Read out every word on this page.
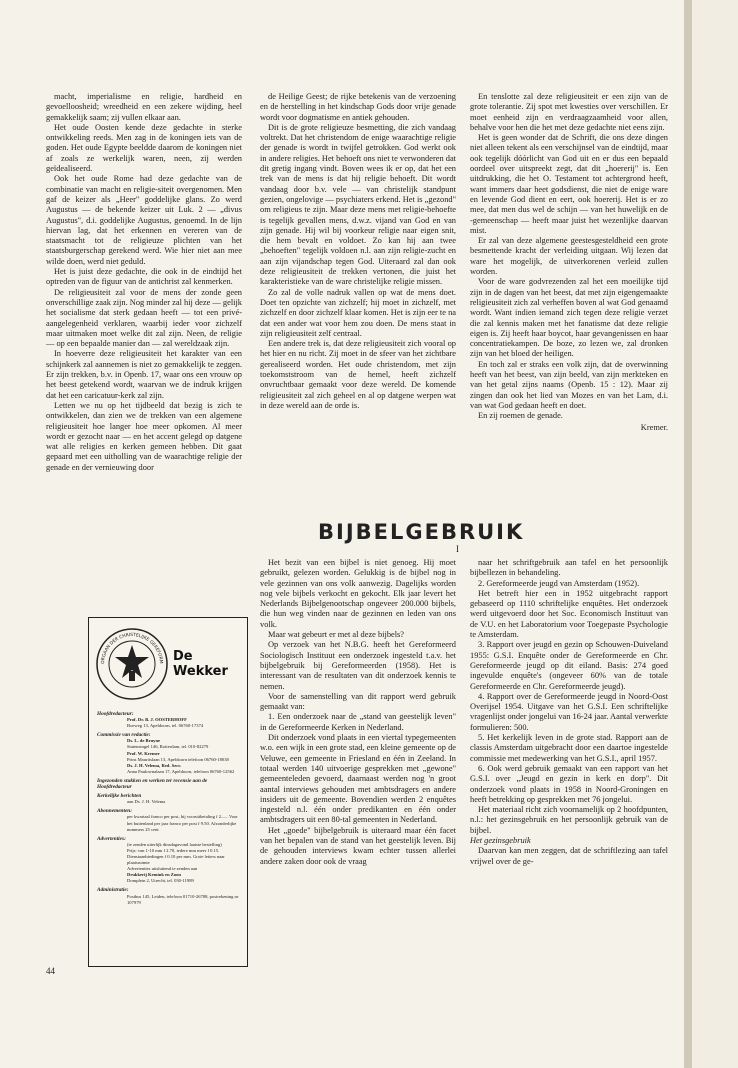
macht, imperialisme en religie, hardheid en gevoelloosheid; wreedheid en een zekere wijding, heel gemakkelijk saam; zij vullen elkaar aan.

Het oude Oosten kende deze gedachte in sterke ontwikkeling reeds. Men zag in de koningen iets van de goden. Het oude Egypte beeldde daarom de koningen niet af zoals ze werkelijk waren, neen, zij werden geïdealiseerd.

Ook het oude Rome had deze gedachte van de combinatie van macht en religie-siteit overgenomen. Men gaf de keizer als „Heer" goddelijke glans. Zo werd Augustus — de bekende keizer uit Luk. 2 — „divus Augustus", d.i. goddelijke Augustus, genoemd. In de lijn hiervan lag, dat het erkennen en vereren van de staatsmacht tot de religieuze plichten van het staatsburgerschap gerekend werd. Wie hier niet aan mee wilde doen, werd niet geduld.

Het is juist deze gedachte, die ook in de eindtijd het optreden van de figuur van de antichrist zal kenmerken.

De religieusiteit zal voor de mens der zonde geen onverschillige zaak zijn. Nog minder zal hij deze — gelijk het socialisme dat sterk gedaan heeft — tot een privé-aangelegenheid verklaren, waarbij ieder voor zichzelf maar uitmaken moet welke dit zal zijn. Neen, de religie — op een bepaalde manier dan — zal wereldzaak zijn.

In hoeverre deze religieusiteit het karakter van een schijnkerk zal aannemen is niet zo gemakkelijk te zeggen. Er zijn trekken, b.v. in Openb. 17, waar ons een vrouw op het beest getekend wordt, waarvan we de indruk krijgen dat het een caricatuur-kerk zal zijn.

Letten we nu op het tijdbeeld dat bezig is zich te ontwikkelen, dan zien we de trekken van een algemene religieusiteit hoe langer hoe meer opkomen. Al meer wordt er gezocht naar — en het accent gelegd op datgene wat alle religies en kerken gemeen hebben. Dit gaat gepaard met een uitholling van de waarachtige religie der genade en der vernieuwing door

de Heilige Geest; de rijke betekenis van de verzoening en de herstelling in het kindschap Gods door vrije genade wordt voor dogmatisme en antiek gehouden.

Dit is de grote religieuze besmetting, die zich vandaag voltrekt. Dat het christendom de enige waarachtige religie der genade is wordt in twijfel getrokken. God werkt ook in andere religies. Het behoeft ons niet te verwonderen dat dit gretig ingang vindt. Boven wees ik er op, dat het een trek van de mens is dat hij religie behoeft. Dit wordt vandaag door b.v. vele — van christelijk standpunt gezien, ongelovige — psychiaters erkend. Het is „gezond" om religieus te zijn. Maar deze mens met religie-behoefte is tegelijk gevallen mens, d.w.z. vijand van God en van zijn genade. Hij wil bij voorkeur religie naar eigen snit, die hem bevalt en voldoet. Zo kan hij aan twee „behoeften" tegelijk voldoen n.l. aan zijn religie-zucht en aan zijn vijandschap tegen God. Uiteraard zal dan ook deze religieusiteit de trekken vertonen, die juist het karakteristieke van de ware christelijke religie missen.

Zo zal de volle nadruk vallen op wat de mens doet. Doet ten opzichte van zichzelf; hij moet in zichzelf, met zichzelf en door zichzelf klaar komen. Het is zijn eer te na dat een ander wat voor hem zou doen. De mens staat in zijn religieusiteit zelf centraal.

Een andere trek is, dat deze religieusiteit zich vooral op het hier en nu richt. Zij moet in de sfeer van het zichtbare gerealiseerd worden. Het oude christendom, met zijn toekomststroom van de hemel, heeft zichzelf onvruchtbaar gemaakt voor deze wereld. De komende religieusiteit zal zich geheel en al op datgene werpen wat in deze wereld aan de orde is.

En tenslotte zal deze religieusiteit er een zijn van de grote tolerantie. Zij spot met kwesties over verschillen. Er moet eenheid zijn en verdraagzaamheid voor allen, behalve voor hen die het met deze gedachte niet eens zijn.

Het is geen wonder dat de Schrift, die ons deze dingen niet alleen tekent als een verschijnsel van de eindtijd, maar ook tegelijk dóórlicht van God uit en er dus een bepaald oordeel over uitspreekt zegt, dat dit „hoererij" is. Een uitdrukking, die het O. Testament tot achtergrond heeft, want immers daar heet godsdienst, die niet de enige ware en levende God dient en eert, ook hoererij. Het is er zo mee, dat men dus wel de schijn — van het huwelijk en de -gemeenschap — heeft maar juist het wezenlijke daarvan mist.

Er zal van deze algemene geestesgesteldheid een grote besmettende kracht der verleiding uitgaan. Wij lezen dat ware het mogelijk, de uitverkorenen verleid zullen worden.

Voor de ware godvrezenden zal het een moeilijke tijd zijn in de dagen van het beest, dat met zijn eigengemaakte religieusiteit zich zal verheffen boven al wat God genaamd wordt. Want indien iemand zich tegen deze religie verzet die zal kennis maken met het fanatisme dat deze religie eigen is. Zij heeft haar boycot, haar gevangenissen en haar concentratiekampen. De boze, zo lezen we, zal dronken zijn van het bloed der heiligen.

En toch zal er straks een volk zijn, dat de overwinning heeft van het beest, van zijn beeld, van zijn merkteken en van het getal zijns naams (Openb. 15 : 12). Maar zij zingen dan ook het lied van Mozes en van het Lam, d.i. van wat God gedaan heeft en doet.

En zij roemen de genade.

Kremer.
BIJBELGEBRUIK
I

Het bezit van een bijbel is niet genoeg. Hij moet gebruikt, gelezen worden. Gelukkig is de bijbel nog in vele gezinnen van ons volk aanwezig. Dagelijks worden nog vele bijbels verkocht en gekocht. Elk jaar levert het Nederlands Bijbelgenootschap ongeveer 200.000 bijbels, die hun weg vinden naar de gezinnen en leden van ons volk.

Maar wat gebeurt er met al deze bijbels?

Op verzoek van het N.B.G. heeft het Gereformeerd Sociologisch Instituut een onderzoek ingesteld t.a.v. het bijbelgebruik bij Gereformeerden (1958). Het is interessant van de resultaten van dit onderzoek kennis te nemen.

Voor de samenstelling van dit rapport werd gebruik gemaakt van:

1. Een onderzoek naar de „stand van geestelijk leven" in de Gereformeerde Kerken in Nederland.

Dit onderzoek vond plaats in een viertal typegemeenten w.o. een wijk in een grote stad, een kleine gemeente op de Veluwe, een gemeente in Friesland en één in Zeeland. In totaal werden 140 uitvoerige gesprekken met „gewone" gemeenteleden gevoerd, daarnaast werden nog 'n groot aantal interviews gehouden met ambtsdragers en andere insiders uit de gemeente. Bovendien werden 2 enquêtes ingesteld n.l. één onder predikanten en één onder ambtsdragers uit een 80-tal gemeenten in Nederland.

Het „goede" bijbelgebruik is uiteraard maar één facet van het bepalen van de stand van het geestelijk leven. Bij de gehouden interviews kwam echter tussen allerlei andere zaken door ook de vraag

naar het schriftgebruik aan tafel en het persoonlijk bijbellezen in behandeling.

2. Gereformeerde jeugd van Amsterdam (1952).

Het betreft hier een in 1952 uitgebracht rapport gebaseerd op 1110 schriftelijke enquêtes. Het onderzoek werd uitgevoerd door het Soc. Economisch Instituut van de V.U. en het Laboratorium voor Toegepaste Psychologie te Amsterdam.

3. Rapport over jeugd en gezin op Schouwen-Duiveland 1955: G.S.I. Enquête onder de Gereformeerde en Chr. Gereformeerde jeugd op dit eiland. Basis: 274 goed ingevulde enquête's (ongeveer 60% van de totale Gereformeerde en Chr. Gereformeerde jeugd).

4. Rapport over de Gereformeerde jeugd in Noord-Oost Overijsel 1954. Uitgave van het G.S.I. Een schriftelijke vragenlijst onder jongelui van 16-24 jaar. Aantal verwerkte formulieren: 500.

5. Het kerkelijk leven in de grote stad. Rapport aan de classis Amsterdam uitgebracht door een daartoe ingestelde commissie met medewerking van het G.S.I., april 1957.

6. Ook werd gebruik gemaakt van een rapport van het G.S.I. over „Jeugd en gezin in kerk en dorp". Dit onderzoek vond plaats in 1958 in Noord-Groningen en heeft betrekking op gesprekken met 76 jongelui.

Het materiaal richt zich voornamelijk op 2 hoofdpunten, n.l.: het gezinsgebruik en het persoonlijk gebruik van de bijbel.

Het gezinsgebruik

Daarvan kan men zeggen, dat de schriftlezing aan tafel vrijwel over de ge-

ORGAAN DER CHRISTELIJKE GEREFORM De Wekker
Hoofdredacteur:
Prof. Dr. B. J. OOSTERHOFF
Boeweg 13, Apeldoorn, tel. 06760-17374
Commissie van redactie:
Ds. L. de Bruyne
Statensingel 146, Rotterdam, tel. 010-82279
Prof. W. Kremer
Prins Mauritslaan 13, Apeldoorn telefoon 06760-18038
Ds. J. H. Velema, Red. Secr.
Anna Paulownalaan 17, Apeldoorn, telefoon 06760-12562
Ingezonden stukken en werken ter recensie aan de Hoofdredacteur
Kerkelijke berichten
aan Ds. J. H. Velema
Abonnementen:
per kwartaal franco per post, bij vooruitbetaling f 2.—. Voor het buitenland per jaar franco per post f 9.50. Afzonderlijke nummers 25 cent
Advertenties:
(te zenden uiterlijk dinsdagavond laatste bestelling)
Prijs: van 1-10 mm f 2.70, iedere mm meer f 0.15. Dienstaanbiedingen f 0.10 per mm. Grote letters naar plaatsruimte
Advertenties uitsluitend te zenden aan
Drukkerij Kemink en Zoon
Domplein 2, Utrecht, tel. 030-11989
Administratie:
Postbus 145, Leiden, telefoon 01710-26788, postrekening nr 107979
44
